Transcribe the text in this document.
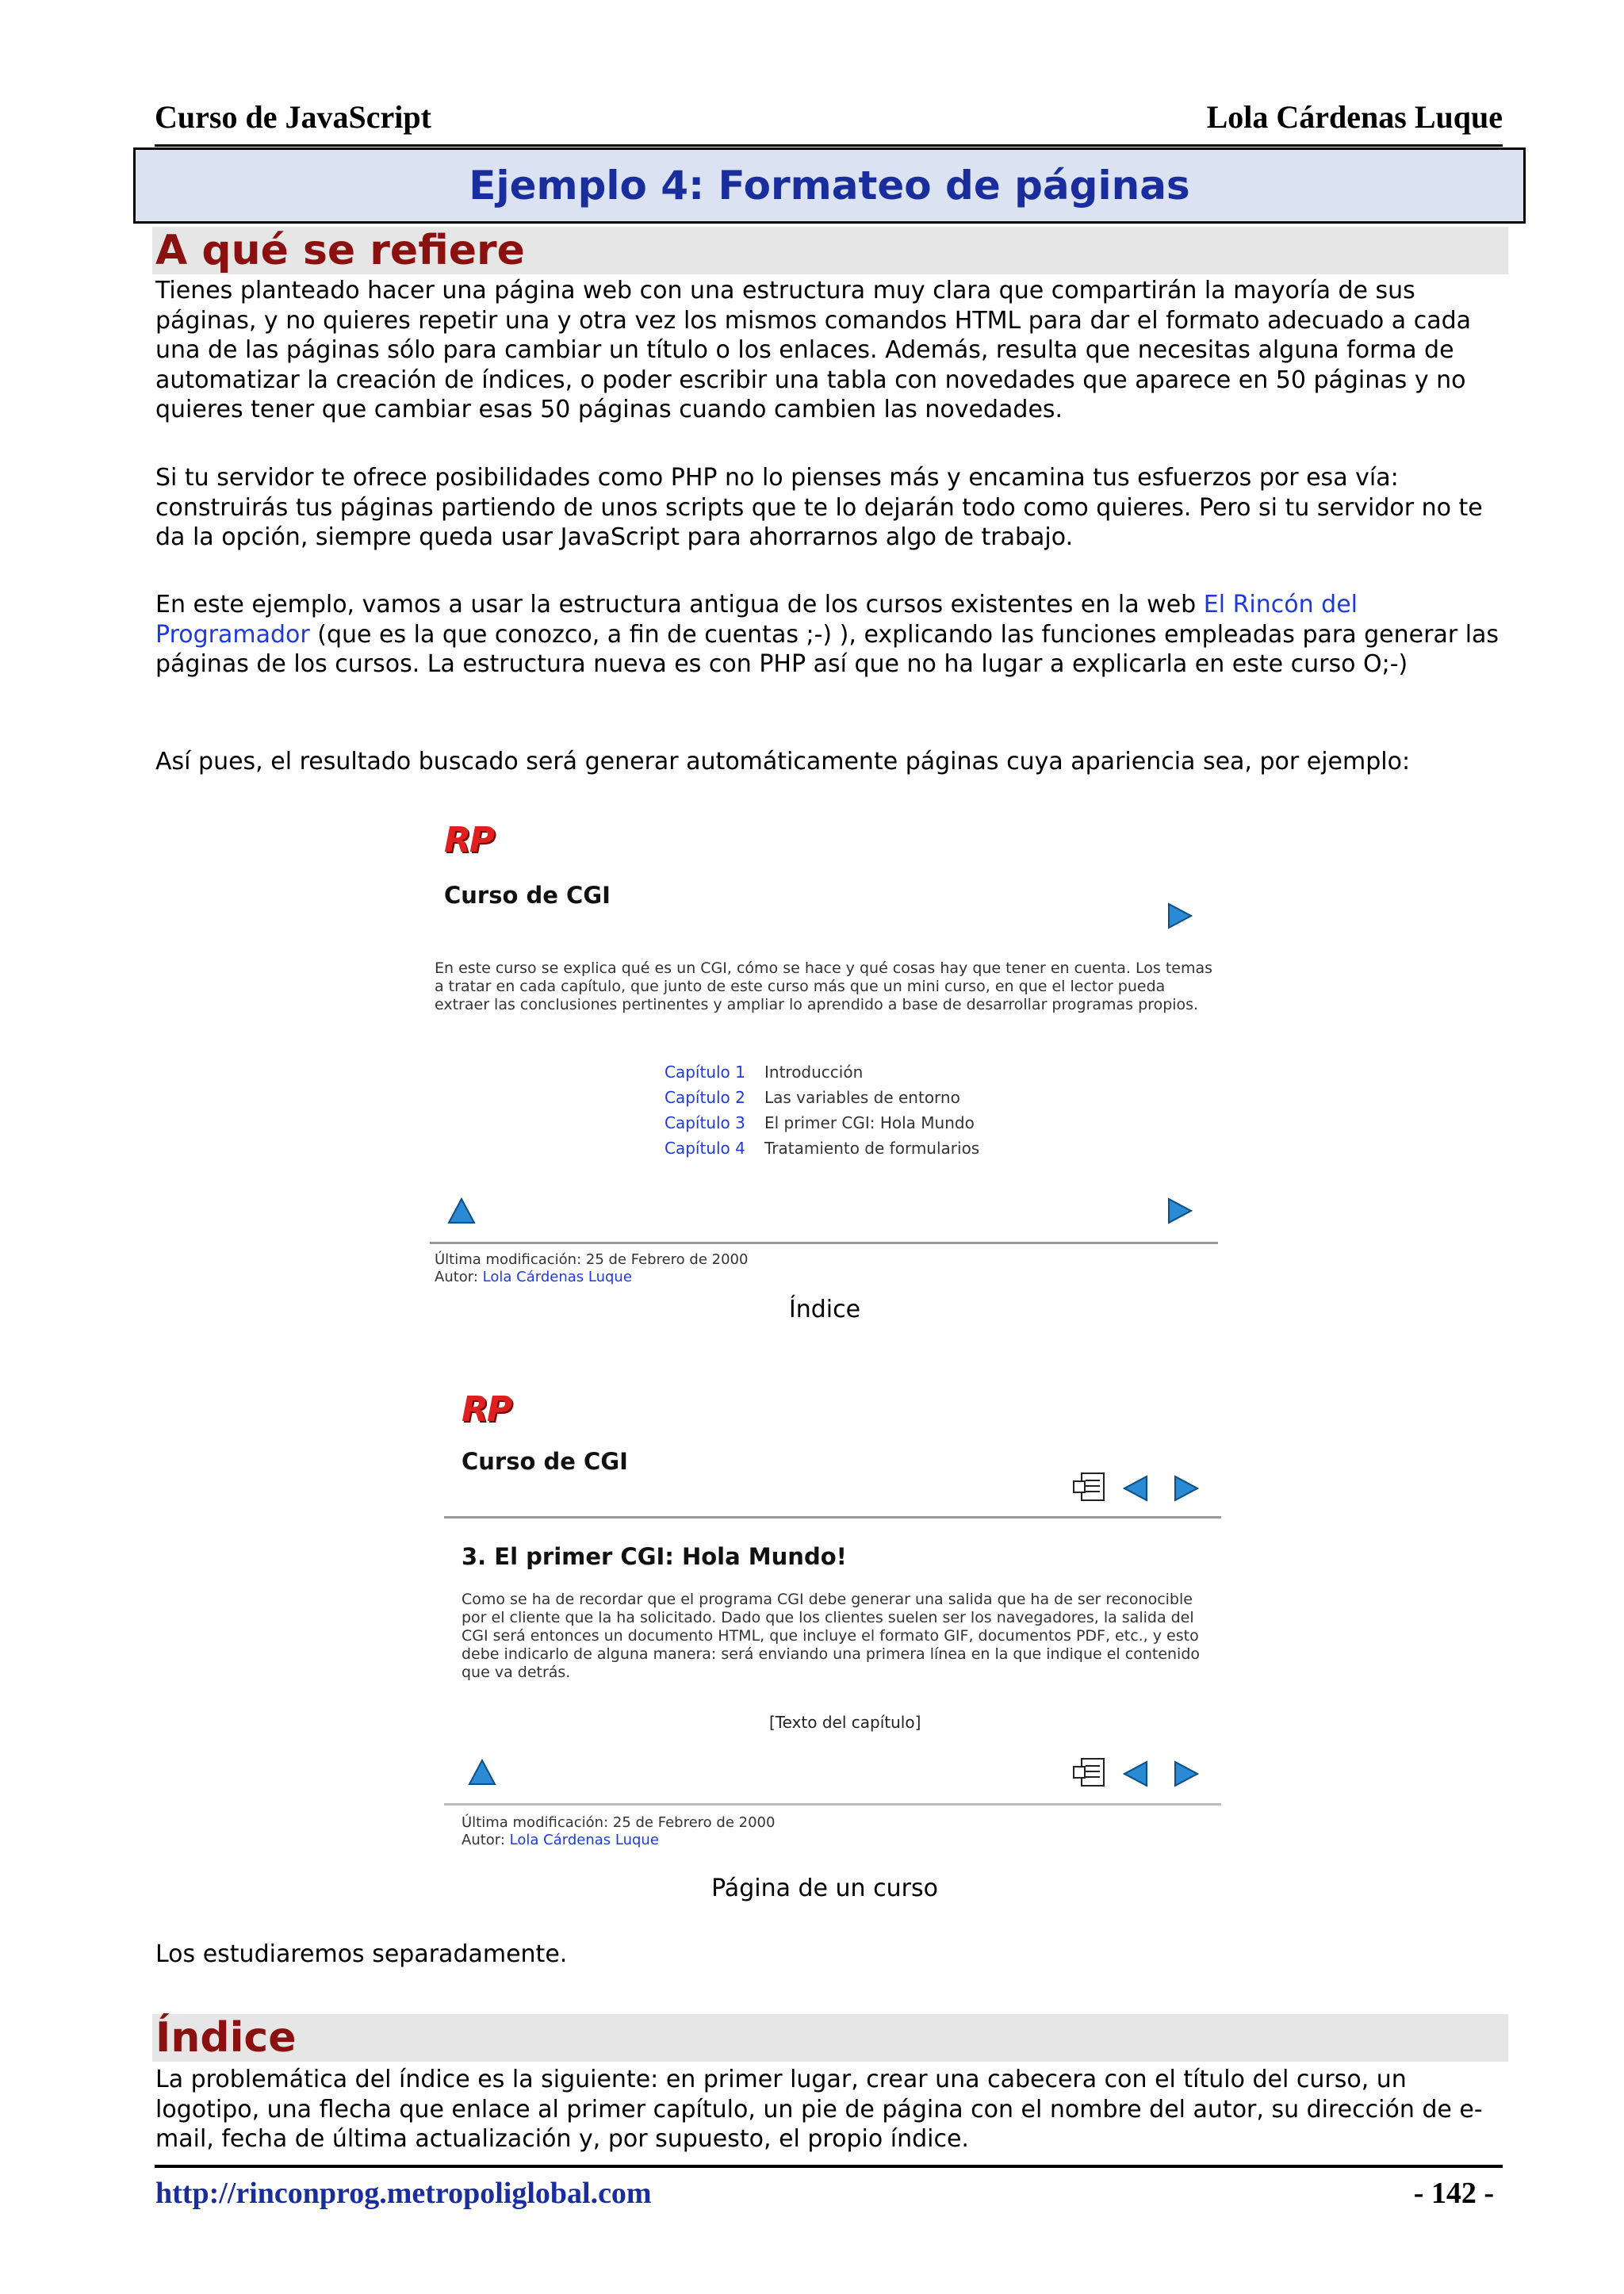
Curso de JavaScript	Lola Cárdenas Luque
Ejemplo 4: Formateo de páginas
A qué se refiere

Tienes planteado hacer una página web con una estructura muy clara que compartirán la mayoría de sus páginas, y no quieres repetir una y otra vez los mismos comandos HTML para dar el formato adecuado a cada una de las páginas sólo para cambiar un título o los enlaces. Además, resulta que necesitas alguna forma de automatizar la creación de índices, o poder escribir una tabla con novedades que aparece en 50 páginas y no quieres tener que cambiar esas 50 páginas cuando cambien las novedades.

Si tu servidor te ofrece posibilidades como PHP no lo pienses más y encamina tus esfuerzos por esa vía: construirás tus páginas partiendo de unos scripts que te lo dejarán todo como quieres. Pero si tu servidor no te da la opción, siempre queda usar JavaScript para ahorrarnos algo de trabajo.

En este ejemplo, vamos a usar la estructura antigua de los cursos existentes en la web El Rincón del Programador (que es la que conozco, a fin de cuentas ;-) ), explicando las funciones empleadas para generar las páginas de los cursos. La estructura nueva es con PHP así que no ha lugar a explicarla en este curso O;-)

Así pues, el resultado buscado será generar automáticamente páginas cuya apariencia sea, por ejemplo:

RP
Curso de CGI
En este curso se explica qué es un CGI, cómo se hace y qué cosas hay que tener en cuenta. Los temas a tratar en cada capítulo, que junto de este curso más que un mini curso, en que el lector pueda extraer las conclusiones pertinentes y ampliar lo aprendido a base de desarrollar programas propios.
Capítulo 1	Introducción
Capítulo 2	Las variables de entorno
Capítulo 3	El primer CGI: Hola Mundo
Capítulo 4	Tratamiento de formularios
Última modificación: 25 de Febrero de 2000
Autor: Lola Cárdenas Luque
Índice
RP
Curso de CGI
3. El primer CGI: Hola Mundo!
Como se ha de recordar que el programa CGI debe generar una salida que ha de ser reconocible por el cliente que la ha solicitado. Dado que los clientes suelen ser los navegadores, la salida del CGI será entonces un documento HTML, que incluye el formato GIF, documentos PDF, etc., y esto debe indicarlo de alguna manera: será enviando una primera línea en la que indique el contenido que va detrás.
[Texto del capítulo]
Última modificación: 25 de Febrero de 2000
Autor: Lola Cárdenas Luque
Página de un curso

Los estudiaremos separadamente.

Índice

La problemática del índice es la siguiente: en primer lugar, crear una cabecera con el título del curso, un logotipo, una flecha que enlace al primer capítulo, un pie de página con el nombre del autor, su dirección de e-mail, fecha de última actualización y, por supuesto, el propio índice.

http://rinconprog.metropoliglobal.com	- 142 -
